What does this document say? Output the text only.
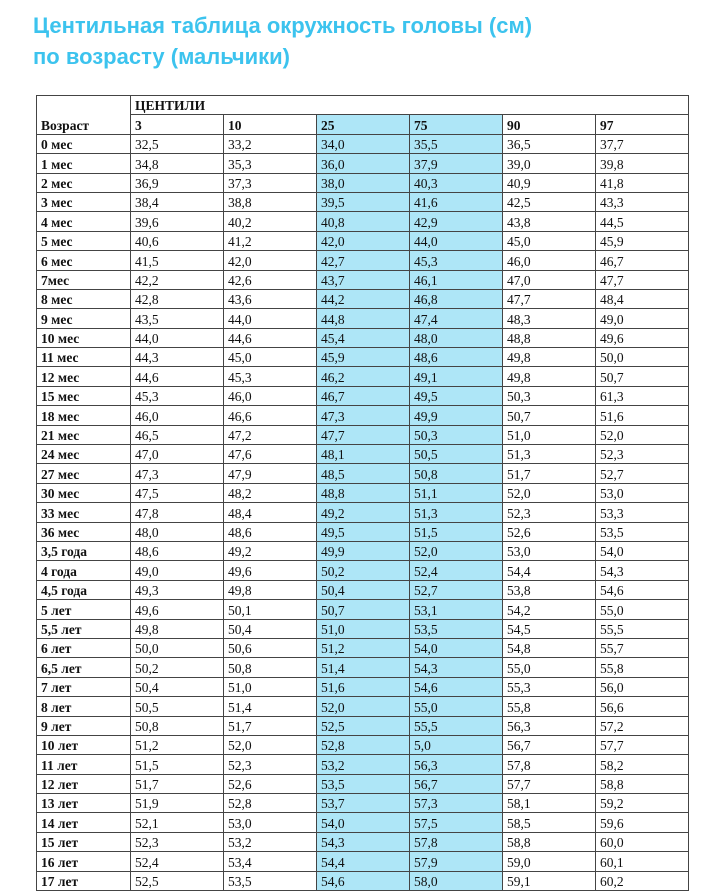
Центильная таблица окружность головы (см)
по возрасту (мальчики)
Возраст	ЦЕНТИЛИ					
	3	10	25	75	90	97
0 мес	32,5	33,2	34,0	35,5	36,5	37,7
1 мес	34,8	35,3	36,0	37,9	39,0	39,8
2 мес	36,9	37,3	38,0	40,3	40,9	41,8
3 мес	38,4	38,8	39,5	41,6	42,5	43,3
4 мес	39,6	40,2	40,8	42,9	43,8	44,5
5 мес	40,6	41,2	42,0	44,0	45,0	45,9
6 мес	41,5	42,0	42,7	45,3	46,0	46,7
7мес	42,2	42,6	43,7	46,1	47,0	47,7
8 мес	42,8	43,6	44,2	46,8	47,7	48,4
9 мес	43,5	44,0	44,8	47,4	48,3	49,0
10 мес	44,0	44,6	45,4	48,0	48,8	49,6
11 мес	44,3	45,0	45,9	48,6	49,8	50,0
12 мес	44,6	45,3	46,2	49,1	49,8	50,7
15 мес	45,3	46,0	46,7	49,5	50,3	61,3
18 мес	46,0	46,6	47,3	49,9	50,7	51,6
21 мес	46,5	47,2	47,7	50,3	51,0	52,0
24 мес	47,0	47,6	48,1	50,5	51,3	52,3
27 мес	47,3	47,9	48,5	50,8	51,7	52,7
30 мес	47,5	48,2	48,8	51,1	52,0	53,0
33 мес	47,8	48,4	49,2	51,3	52,3	53,3
36 мес	48,0	48,6	49,5	51,5	52,6	53,5
3,5 года	48,6	49,2	49,9	52,0	53,0	54,0
4 года	49,0	49,6	50,2	52,4	54,4	54,3
4,5 года	49,3	49,8	50,4	52,7	53,8	54,6
5 лет	49,6	50,1	50,7	53,1	54,2	55,0
5,5 лет	49,8	50,4	51,0	53,5	54,5	55,5
6 лет	50,0	50,6	51,2	54,0	54,8	55,7
6,5 лет	50,2	50,8	51,4	54,3	55,0	55,8
7 лет	50,4	51,0	51,6	54,6	55,3	56,0
8 лет	50,5	51,4	52,0	55,0	55,8	56,6
9 лет	50,8	51,7	52,5	55,5	56,3	57,2
10 лет	51,2	52,0	52,8	5,0	56,7	57,7
11 лет	51,5	52,3	53,2	56,3	57,8	58,2
12 лет	51,7	52,6	53,5	56,7	57,7	58,8
13 лет	51,9	52,8	53,7	57,3	58,1	59,2
14 лет	52,1	53,0	54,0	57,5	58,5	59,6
15 лет	52,3	53,2	54,3	57,8	58,8	60,0
16 лет	52,4	53,4	54,4	57,9	59,0	60,1
17 лет	52,5	53,5	54,6	58,0	59,1	60,2
